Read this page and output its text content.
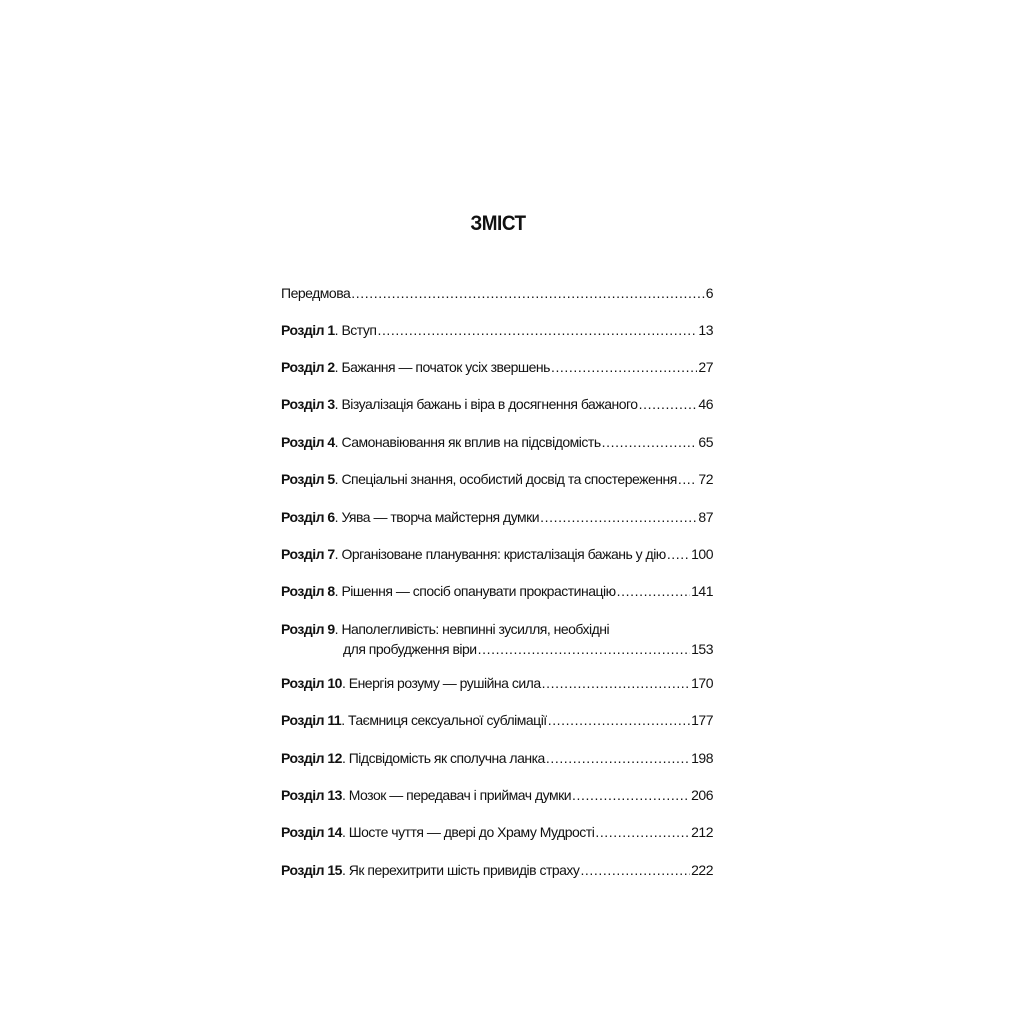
ЗМІСТ
Передмова .....	6
Розділ 1. Вступ .....	13
Розділ 2. Бажання — початок усіх звершень .....	27
Розділ 3. Візуалізація бажань і віра в досягнення бажаного .....	46
Розділ 4. Самонавіювання як вплив на підсвідомість .....	65
Розділ 5. Спеціальні знання, особистий досвід та спостереження ..... 72
Розділ 6. Уява — творча майстерня думки .....	87
Розділ 7. Організоване планування: кристалізація бажань у дію ..... 100
Розділ 8. Рішення — спосіб опанувати прокрастинацію .....	141
Розділ 9. Наполегливість: невпинні зусилля, необхідні
для пробудження віри .....	153
Розділ 10. Енергія розуму — рушійна сила .....	170
Розділ 11. Таємниця сексуальної сублімації .....	177
Розділ 12. Підсвідомість як сполучна ланка .....	198
Розділ 13. Мозок — передавач і приймач думки .....	206
Розділ 14. Шосте чуття — двері до Храму Мудрості .....	212
Розділ 15. Як перехитрити шість привидів страху .....	222
